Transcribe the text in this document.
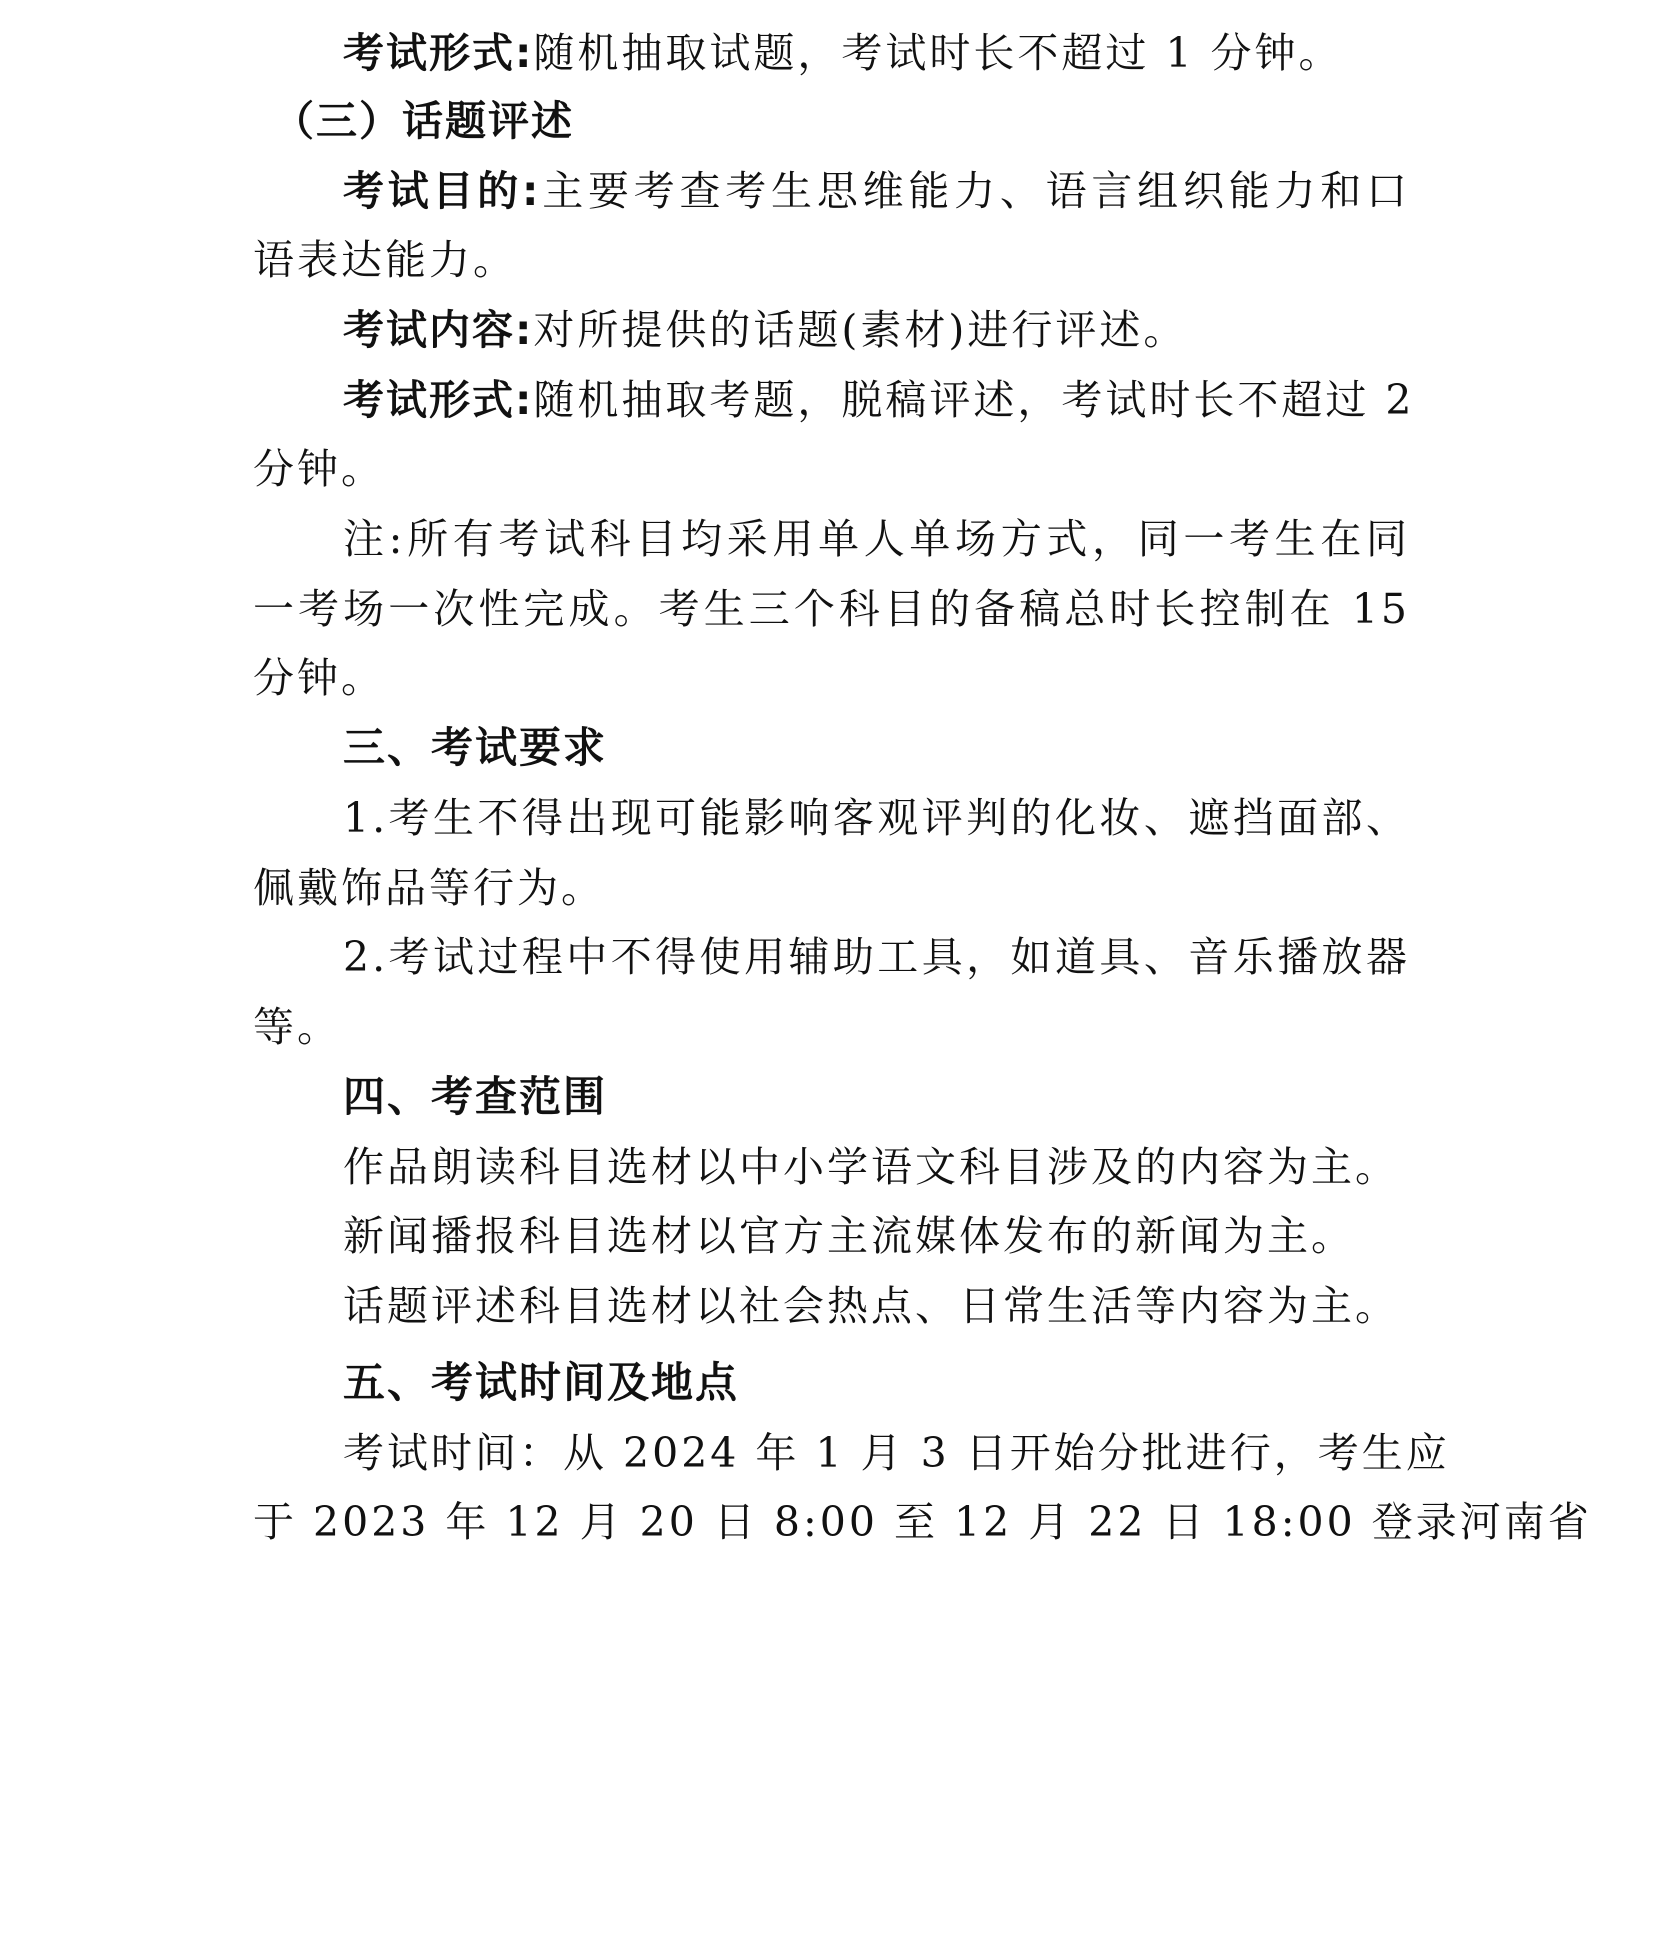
考试形式:随机抽取试题，考试时长不超过 1 分钟。
（三）话题评述
考试目的:主要考查考生思维能力、语言组织能力和口
语表达能力。
考试内容:对所提供的话题(素材)进行评述。
考试形式:随机抽取考题，脱稿评述，考试时长不超过 2
分钟。
注:所有考试科目均采用单人单场方式，同一考生在同
一考场一次性完成。考生三个科目的备稿总时长控制在 15
分钟。
三、考试要求
1.考生不得出现可能影响客观评判的化妆、遮挡面部、
佩戴饰品等行为。
2.考试过程中不得使用辅助工具，如道具、音乐播放器
等。
四、考查范围
作品朗读科目选材以中小学语文科目涉及的内容为主。
新闻播报科目选材以官方主流媒体发布的新闻为主。
话题评述科目选材以社会热点、日常生活等内容为主。
五、考试时间及地点
考试时间：从 2024 年 1 月 3 日开始分批进行，考生应
于 2023 年 12 月 20 日 8:00 至 12 月 22 日 18:00 登录河南省
